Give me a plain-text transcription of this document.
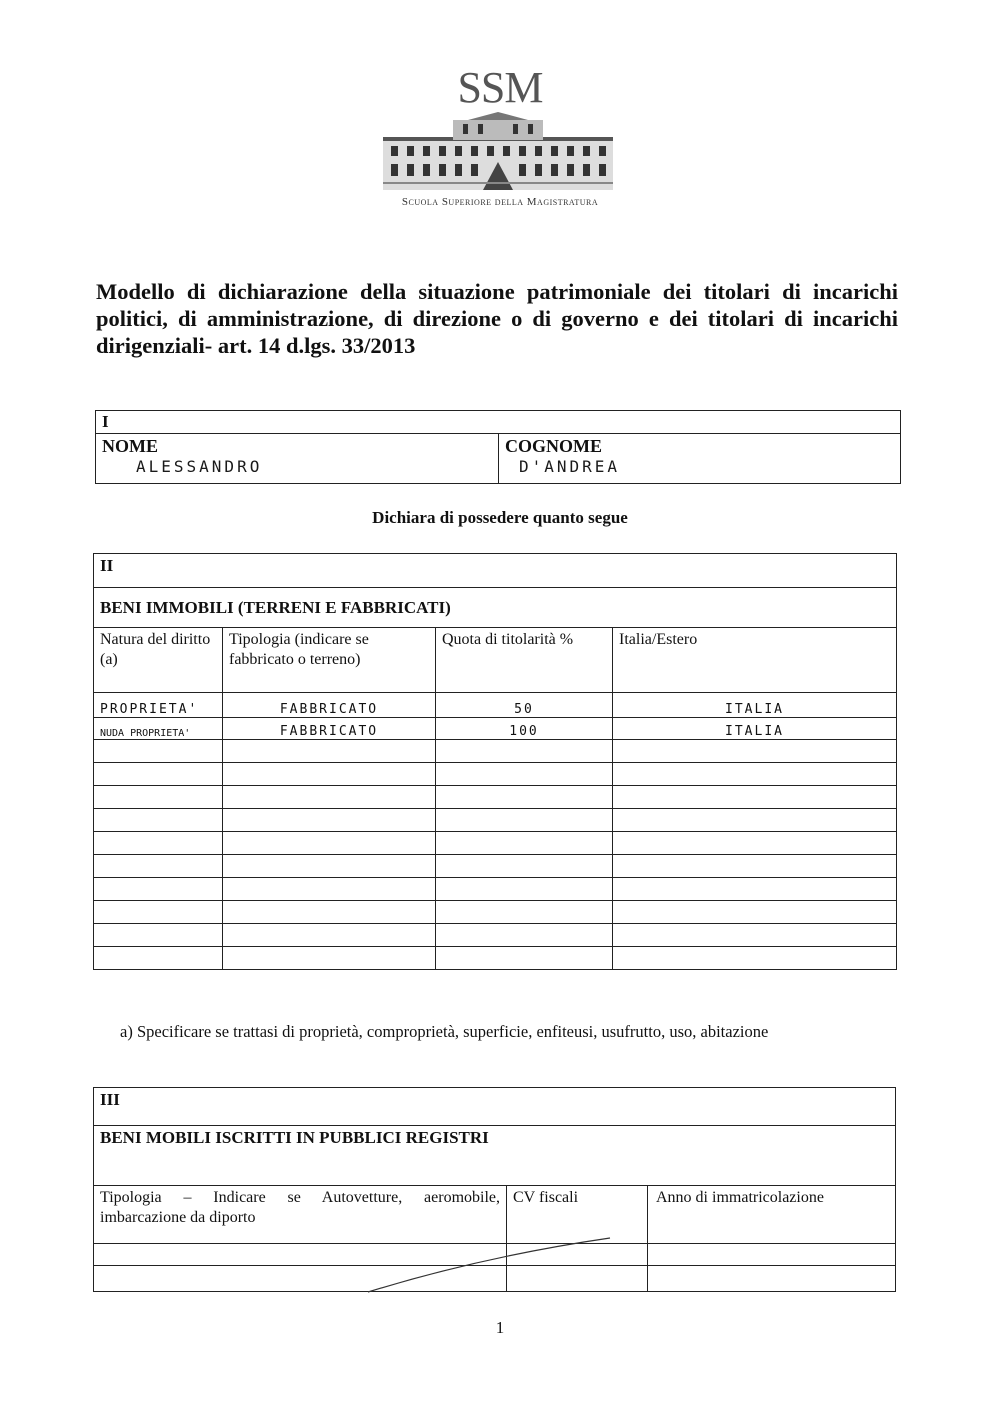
SSM
Scuola Superiore della Magistratura
Modello di dichiarazione della situazione patrimoniale dei titolari di incarichi politici, di amministrazione, di direzione o di governo e dei titolari di incarichi dirigenziali- art. 14 d.lgs. 33/2013
I

NOME
ALESSANDRO

COGNOME
D'ANDREA
Dichiara di possedere quanto segue
II			
BENI IMMOBILI (TERRENI E FABBRICATI)			
Natura del diritto (a)	Tipologia (indicare se fabbricato o terreno)	Quota di titolarità %	Italia/Estero
PROPRIETA'	FABBRICATO	50	ITALIA
NUDA PROPRIETA'	FABBRICATO	100	ITALIA

a) Specificare se trattasi di proprietà, comproprietà, superficie, enfiteusi, usufrutto, uso, abitazione
III		
BENI MOBILI ISCRITTI IN PUBBLICI REGISTRI		
Tipologia – Indicare se Autovetture, aeromobile, imbarcazione da diporto	CV fiscali	Anno di immatricolazione

1
